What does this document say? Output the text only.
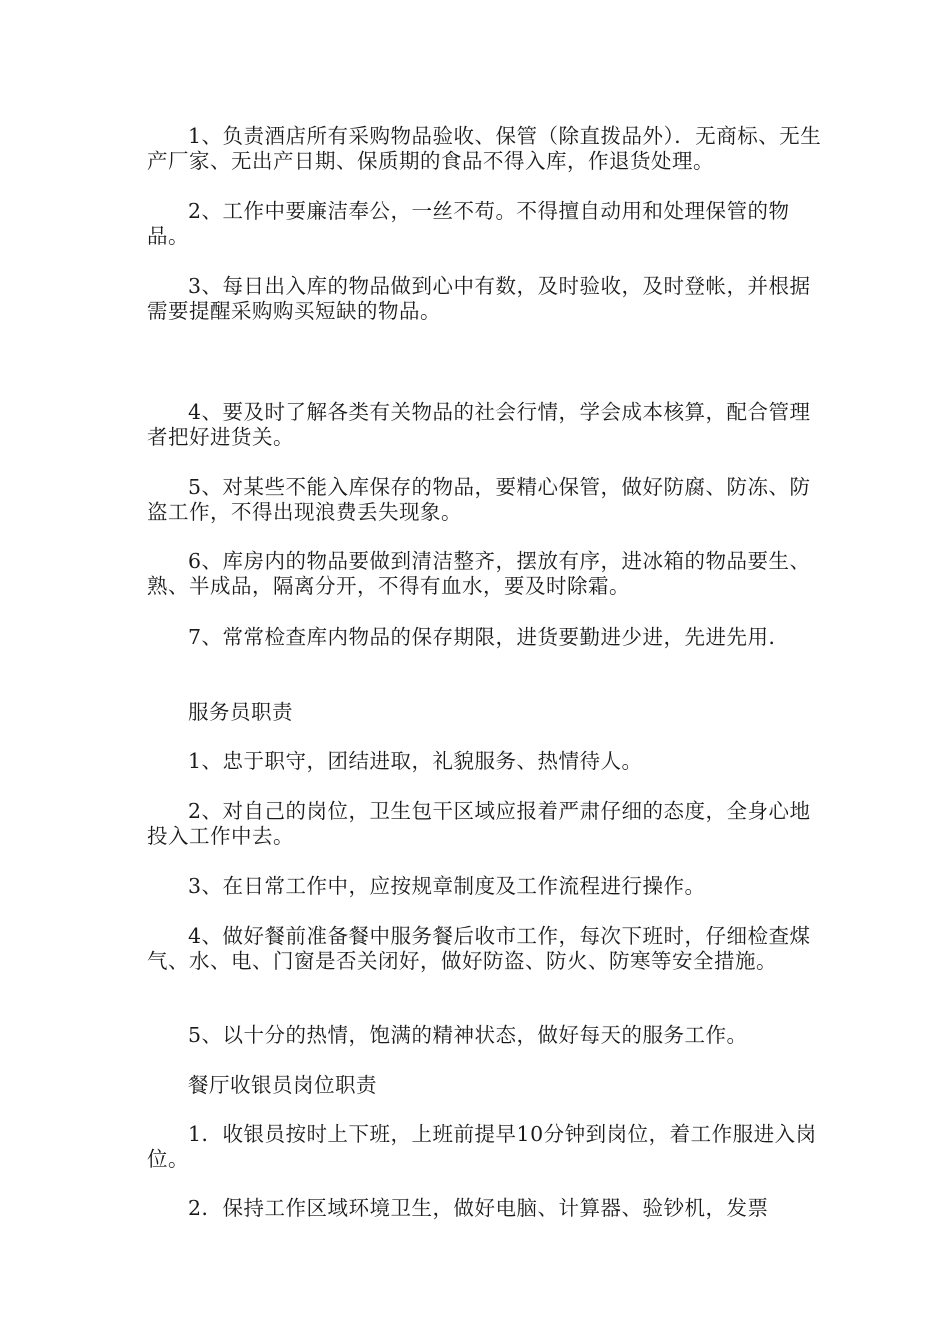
1、负责酒店所有采购物品验收、保管（除直拨品外）．无商标、无生产厂家、无出产日期、保质期的食品不得入库，作退货处理。

2、工作中要廉洁奉公，一丝不苟。不得擅自动用和处理保管的物品。

3、每日出入库的物品做到心中有数，及时验收，及时登帐，并根据需要提醒采购购买短缺的物品。

4、要及时了解各类有关物品的社会行情，学会成本核算，配合管理者把好进货关。

5、对某些不能入库保存的物品，要精心保管，做好防腐、防冻、防盗工作，不得出现浪费丢失现象。

6、库房内的物品要做到清洁整齐，摆放有序，进冰箱的物品要生、熟、半成品，隔离分开，不得有血水，要及时除霜。

7、常常检查库内物品的保存期限，进货要勤进少进，先进先用．

服务员职责

1、忠于职守，团结进取，礼貌服务、热情待人。

2、对自己的岗位，卫生包干区域应报着严肃仔细的态度，全身心地投入工作中去。

3、在日常工作中，应按规章制度及工作流程进行操作。

4、做好餐前准备餐中服务餐后收市工作，每次下班时，仔细检查煤气、水、电、门窗是否关闭好，做好防盗、防火、防寒等安全措施。

5、以十分的热情，饱满的精神状态，做好每天的服务工作。

餐厅收银员岗位职责

1．收银员按时上下班，上班前提早10分钟到岗位，着工作服进入岗位。

2．保持工作区域环境卫生，做好电脑、计算器、验钞机，发票
